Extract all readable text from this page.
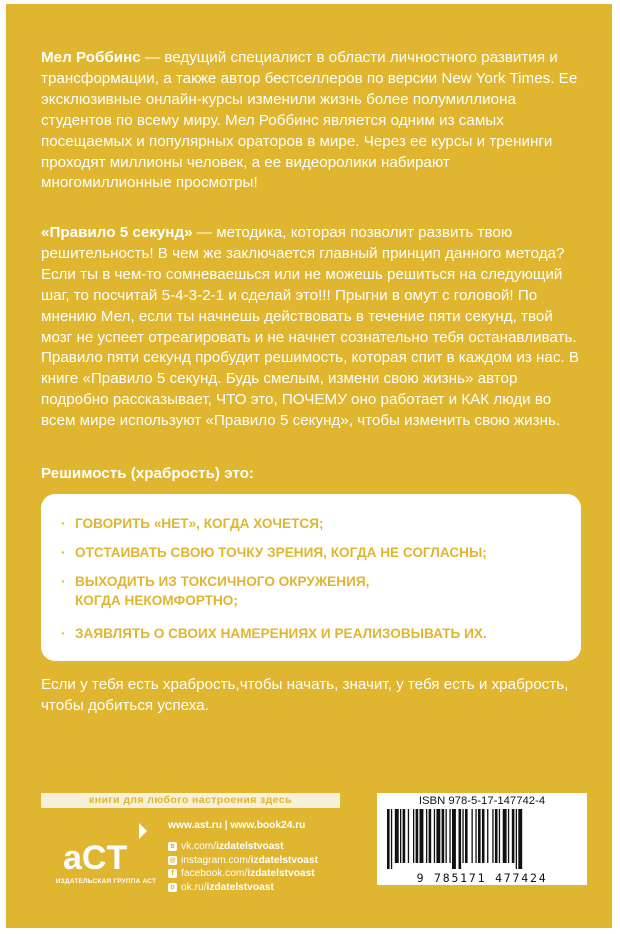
Мел Роббинс — ведущий специалист в области личностного развития и трансформации, а также автор бестселлеров по версии New York Times. Ее эксклюзивные онлайн-курсы изменили жизнь более полумиллиона студентов по всему миру. Мел Роббинс является одним из самых посещаемых и популярных ораторов в мире. Через ее курсы и тренинги проходят миллионы человек, а ее видеоролики набирают многомиллионные просмотры!
«Правило 5 секунд» — методика, которая позволит развить твою решительность! В чем же заключается главный принцип данного метода? Если ты в чем-то сомневаешься или не можешь решиться на следующий шаг, то посчитай 5-4-3-2-1 и сделай это!!! Прыгни в омут с головой! По мнению Мел, если ты начнешь действовать в течение пяти секунд, твой мозг не успеет отреагировать и не начнет сознательно тебя останавливать. Правило пяти секунд пробудит решимость, которая спит в каждом из нас. В книге «Правило 5 секунд. Будь смелым, измени свою жизнь» автор подробно рассказывает, ЧТО это, ПОЧЕМУ оно работает и КАК люди во всем мире используют «Правило 5 секунд», чтобы изменить свою жизнь.
Решимость (храбрость) это:
· ГОВОРИТЬ «НЕТ», КОГДА ХОЧЕТСЯ;
· ОТСТАИВАТЬ СВОЮ ТОЧКУ ЗРЕНИЯ, КОГДА НЕ СОГЛАСНЫ;
· ВЫХОДИТЬ ИЗ ТОКСИЧНОГО ОКРУЖЕНИЯ,
КОГДА НЕКОМФОРТНО;
· ЗАЯВЛЯТЬ О СВОИХ НАМЕРЕНИЯХ И РЕАЛИЗОВЫВАТЬ ИХ.
Если у тебя есть храбрость,чтобы начать, значит, у тебя есть и храбрость, чтобы добиться успеха.
книги для любого настроения здесь
aCT
ИЗДАТЕЛЬСКАЯ ГРУППА АСТ
www.ast.ru | www.book24.ru
в vk.com/ izdatelstvoast
◎ instagram.com/ izdatelstvoast
f facebook.com/ izdatelstvoast
о ok.ru/ izdatelstvoast
ISBN 978-5-17-147742-4
9 785171 477424
